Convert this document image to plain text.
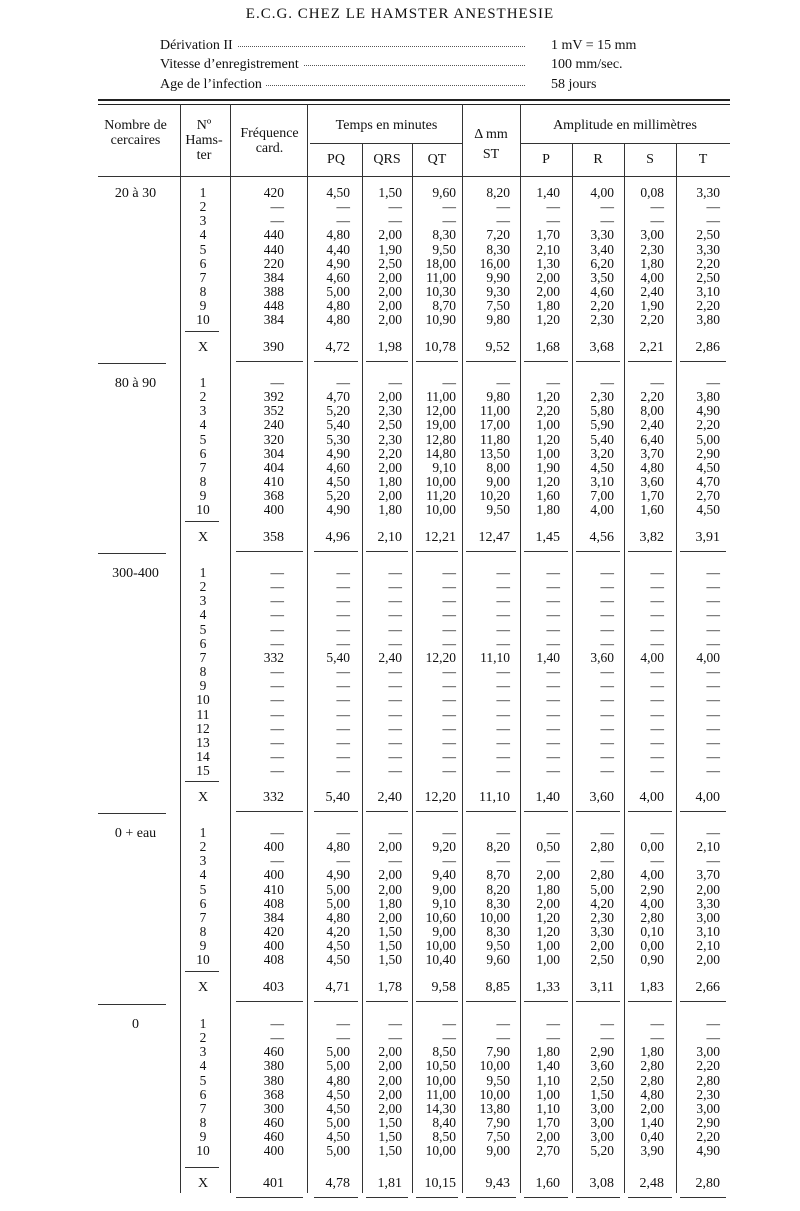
E.C.G. CHEZ LE HAMSTER ANESTHESIE
Dérivation II	1 mV = 15 mm
Vitesse d’enregistrement	100 mm/sec.
Age de l’infection	58 jours
Nombre de cercaires
Nº Hams- ter
Fréquence card.
Temps en minutes
Δ mm
ST
Amplitude en millimètres
PQ	QRS	QT	P	R	S	T
20 à 30	1	420	4,50	1,50	9,60	8,20	1,40	4,00	0,08	3,30
2	—	—	—	—	—	—	—	—	—
3	—	—	—	—	—	—	—	—	—
4	440	4,80	2,00	8,30	7,20	1,70	3,30	3,00	2,50
5	440	4,40	1,90	9,50	8,30	2,10	3,40	2,30	3,30
6	220	4,90	2,50	18,00	16,00	1,30	6,20	1,80	2,20
7	384	4,60	2,00	11,00	9,90	2,00	3,50	4,00	2,50
8	388	5,00	2,00	10,30	9,30	2,00	4,60	2,40	3,10
9	448	4,80	2,00	8,70	7,50	1,80	2,20	1,90	2,20
10	384	4,80	2,00	10,90	9,80	1,20	2,30	2,20	3,80
X	390	4,72	1,98	10,78	9,52	1,68	3,68	2,21	2,86
80 à 90	1	—	—	—	—	—	—	—	—	—
2	392	4,70	2,00	11,00	9,80	1,20	2,30	2,20	3,80
3	352	5,20	2,30	12,00	11,00	2,20	5,80	8,00	4,90
4	240	5,40	2,50	19,00	17,00	1,00	5,90	2,40	2,20
5	320	5,30	2,30	12,80	11,80	1,20	5,40	6,40	5,00
6	304	4,90	2,20	14,80	13,50	1,00	3,20	3,70	2,90
7	404	4,60	2,00	9,10	8,00	1,90	4,50	4,80	4,50
8	410	4,50	1,80	10,00	9,00	1,20	3,10	3,60	4,70
9	368	5,20	2,00	11,20	10,20	1,60	7,00	1,70	2,70
10	400	4,90	1,80	10,00	9,50	1,80	4,00	1,60	4,50
X	358	4,96	2,10	12,21	12,47	1,45	4,56	3,82	3,91
300-400	1	—	—	—	—	—	—	—	—	—
2	—	—	—	—	—	—	—	—	—
3	—	—	—	—	—	—	—	—	—
4	—	—	—	—	—	—	—	—	—
5	—	—	—	—	—	—	—	—	—
6	—	—	—	—	—	—	—	—	—
7	332	5,40	2,40	12,20	11,10	1,40	3,60	4,00	4,00
8	—	—	—	—	—	—	—	—	—
9	—	—	—	—	—	—	—	—	—
10	—	—	—	—	—	—	—	—	—
11	—	—	—	—	—	—	—	—	—
12	—	—	—	—	—	—	—	—	—
13	—	—	—	—	—	—	—	—	—
14	—	—	—	—	—	—	—	—	—
15	—	—	—	—	—	—	—	—	—
X	332	5,40	2,40	12,20	11,10	1,40	3,60	4,00	4,00
0 + eau	1	—	—	—	—	—	—	—	—	—
2	400	4,80	2,00	9,20	8,20	0,50	2,80	0,00	2,10
3	—	—	—	—	—	—	—	—	—
4	400	4,90	2,00	9,40	8,70	2,00	2,80	4,00	3,70
5	410	5,00	2,00	9,00	8,20	1,80	5,00	2,90	2,00
6	408	5,00	1,80	9,10	8,30	2,00	4,20	4,00	3,30
7	384	4,80	2,00	10,60	10,00	1,20	2,30	2,80	3,00
8	420	4,20	1,50	9,00	8,30	1,20	3,30	0,10	3,10
9	400	4,50	1,50	10,00	9,50	1,00	2,00	0,00	2,10
10	408	4,50	1,50	10,40	9,60	1,00	2,50	0,90	2,00
X	403	4,71	1,78	9,58	8,85	1,33	3,11	1,83	2,66
0	1	—	—	—	—	—	—	—	—	—
2	—	—	—	—	—	—	—	—	—
3	460	5,00	2,00	8,50	7,90	1,80	2,90	1,80	3,00
4	380	5,00	2,00	10,50	10,00	1,40	3,60	2,80	2,20
5	380	4,80	2,00	10,00	9,50	1,10	2,50	2,80	2,80
6	368	4,50	2,00	11,00	10,00	1,00	1,50	4,80	2,30
7	300	4,50	2,00	14,30	13,80	1,10	3,00	2,00	3,00
8	460	5,00	1,50	8,40	7,90	1,70	3,00	1,40	2,90
9	460	4,50	1,50	8,50	7,50	2,00	3,00	0,40	2,20
10	400	5,00	1,50	10,00	9,00	2,70	5,20	3,90	4,90
X	401	4,78	1,81	10,15	9,43	1,60	3,08	2,48	2,80
